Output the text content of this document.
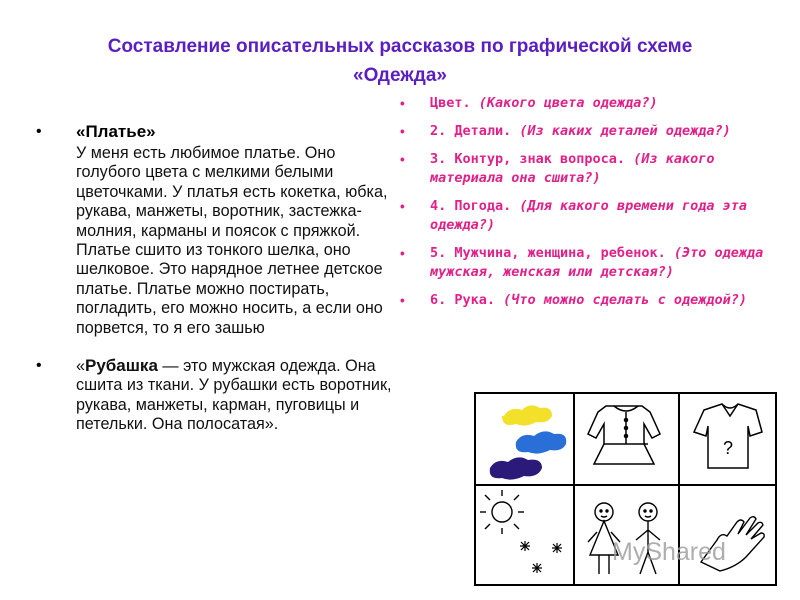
Составление описательных рассказов по графической схеме
«Одежда»
• «Платье»
У меня есть любимое платье. Оно голубого цвета с мелкими белыми цветочками. У платья есть кокетка, юбка, рукава, манжеты, воротник, застежка-молния, карманы и поясок с пряжкой. Платье сшито из тонкого шелка, оно шелковое. Это нарядное летнее детское платье. Платье можно постирать, погладить, его можно носить, а если оно порвется, то я его зашью
• «Рубашка — это мужская одежда. Она сшита из ткани. У рубашки есть воротник, рукава, манжеты, карман, пуговицы и петельки. Она полосатая».
• Цвет. (Какого цвета одежда?)
• 2. Детали. (Из каких деталей одежда?)
• 3. Контур, знак вопроса. (Из какого материала она сшита?)
• 4. Погода. (Для какого времени года эта одежда?)
• 5. Мужчина, женщина, ребенок. (Это одежда мужская, женская или детская?)
• 6. Рука. (Что можно сделать с одеждой?)
?
MyShared
